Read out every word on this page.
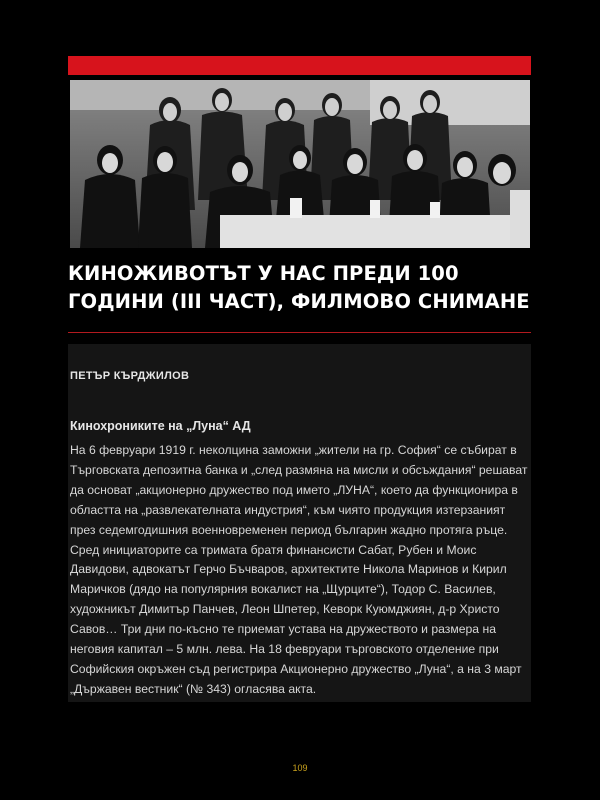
КИНОЖИВОТЪТ У НАС ПРЕДИ 100 ГОДИНИ (III ЧАСТ), ФИЛМОВО СНИМАНЕ
ПЕТЪР КЪРДЖИЛОВ
Кинохрониките на „Луна“ АД

На 6 февруари 1919 г. неколцина заможни „жители на гр. София“ се събират в Търговската депозитна банка и „след размяна на мисли и обсъждания“ решават да основат „акционерно дружество под името „ЛУНА“, което да функционира в областта на „развлекателната индустрия“, към чиято продукция изтерзаният през седемгодишния военновременен период българин жадно протяга ръце. Сред инициаторите са тримата братя финансисти Сабат, Рубен и Моис Давидови, адвокатът Герчо Бъчваров, архитектите Никола Маринов и Кирил Маричков (дядо на популярния вокалист на „Щурците“), Тодор С. Василев, художникът Димитър Панчев, Леон Шпетер, Кеворк Куюмджиян, д-р Христо Савов… Три дни по-късно те приемат устава на дружеството и размера на неговия капитал – 5 млн. лева. На 18 февруари търговското отделение при Софийския окръжен съд регистрира Акционерно дружество „Луна“, а на 3 март „Държавен вестник“ (№ 343) огласява акта.

109
